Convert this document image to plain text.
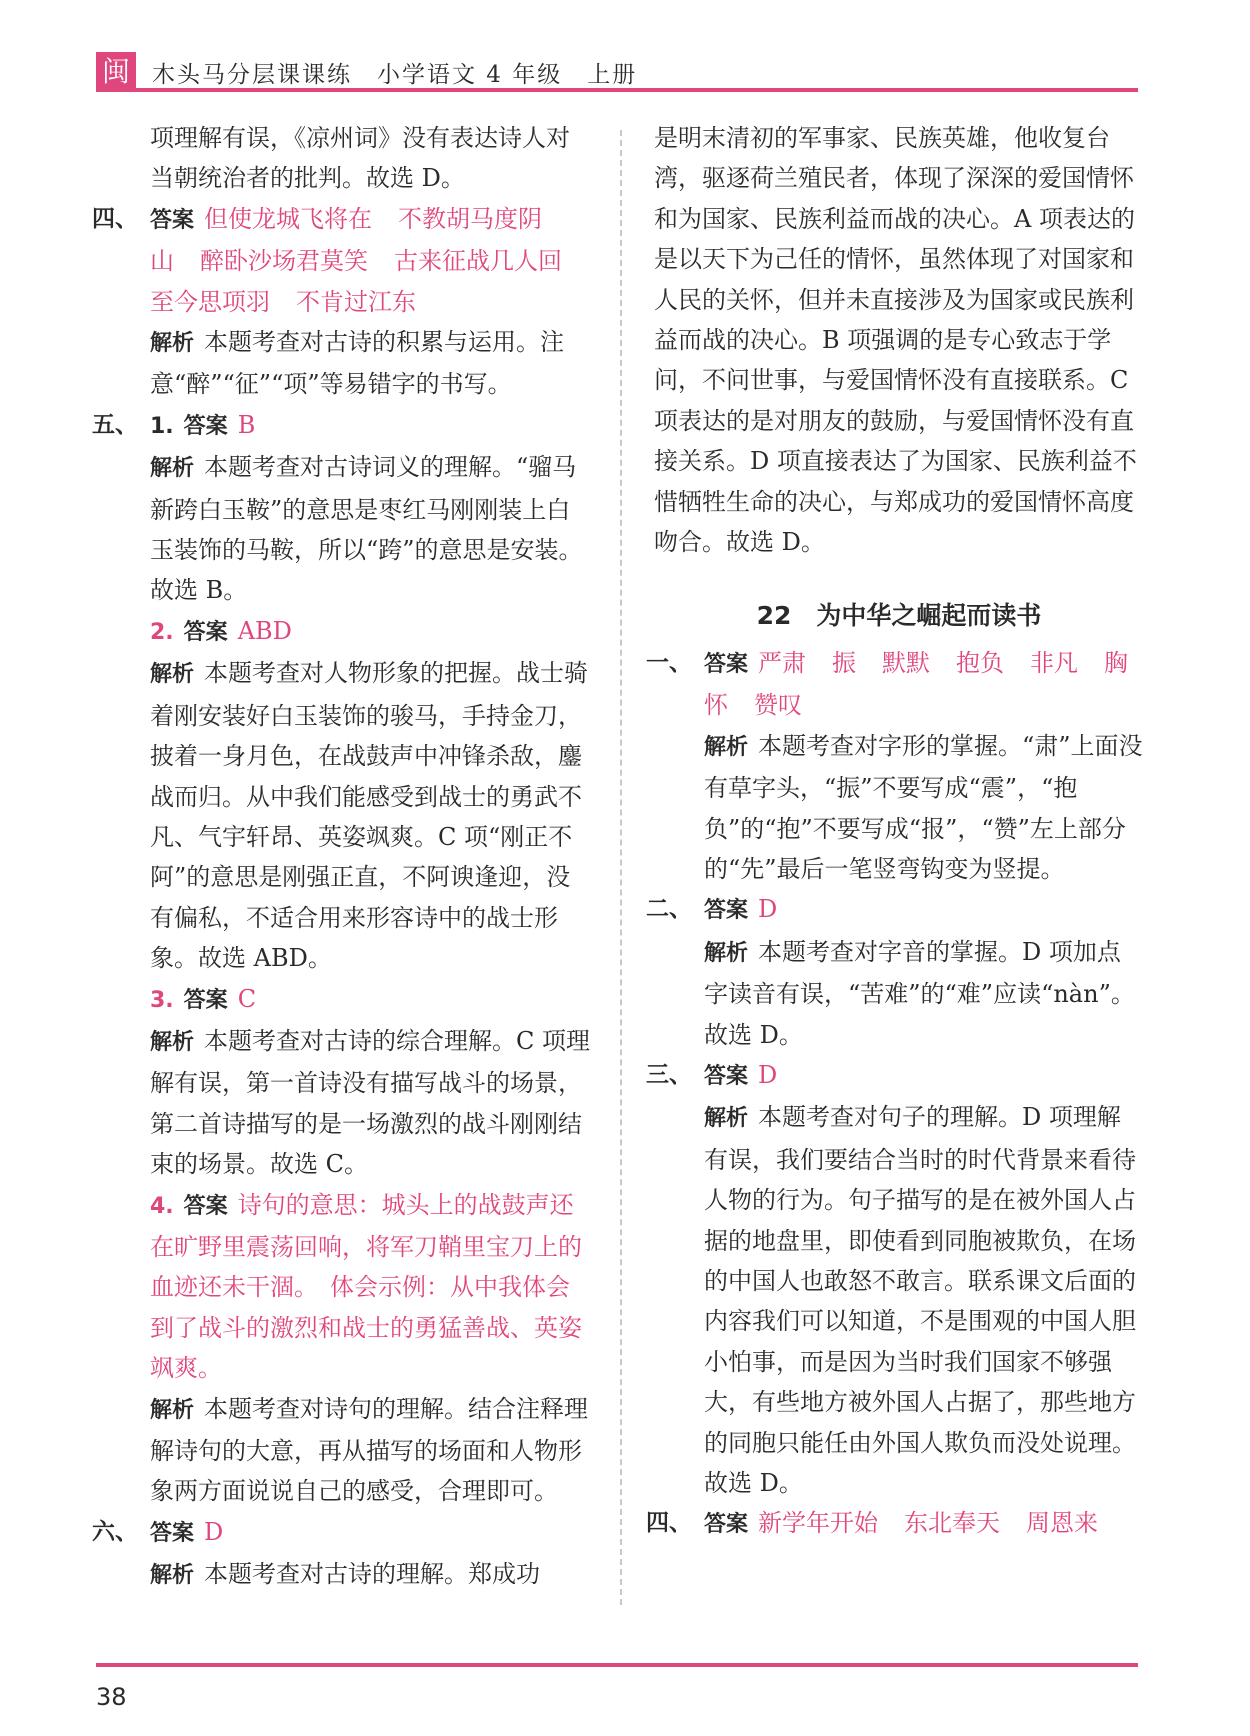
闽 木头马分层课课练　小学语文 4 年级　上册

项理解有误，《凉州词》没有表达诗人对当朝统治者的批判。故选 D。

四、 答案 但使龙城飞将在 不教胡马度阴山 醉卧沙场君莫笑 古来征战几人回至今思项羽 不肯过江东

解析 本题考查对古诗的积累与运用。注意“醉”“征”“项”等易错字的书写。

五、 1. 答案 B

解析 本题考查对古诗词义的理解。“骝马新跨白玉鞍”的意思是枣红马刚刚装上白玉装饰的马鞍，所以“跨”的意思是安装。故选 B。

2. 答案 ABD

解析 本题考查对人物形象的把握。战士骑着刚安装好白玉装饰的骏马，手持金刀，披着一身月色，在战鼓声中冲锋杀敌，鏖战而归。从中我们能感受到战士的勇武不凡、气宇轩昂、英姿飒爽。C 项“刚正不阿”的意思是刚强正直，不阿谀逢迎，没有偏私，不适合用来形容诗中的战士形象。故选 ABD。

3. 答案 C

解析 本题考查对古诗的综合理解。C 项理解有误，第一首诗没有描写战斗的场景，第二首诗描写的是一场激烈的战斗刚刚结束的场景。故选 C。

4. 答案 诗句的意思：城头上的战鼓声还在旷野里震荡回响，将军刀鞘里宝刀上的血迹还未干涸。　体会示例：从中我体会到了战斗的激烈和战士的勇猛善战、英姿飒爽。

解析 本题考查对诗句的理解。结合注释理解诗句的大意，再从描写的场面和人物形象两方面说说自己的感受，合理即可。

六、 答案 D

解析 本题考查对古诗的理解。郑成功

是明末清初的军事家、民族英雄，他收复台湾，驱逐荷兰殖民者，体现了深深的爱国情怀和为国家、民族利益而战的决心。A 项表达的是以天下为己任的情怀，虽然体现了对国家和人民的关怀，但并未直接涉及为国家或民族利益而战的决心。B 项强调的是专心致志于学问，不问世事，与爱国情怀没有直接联系。C 项表达的是对朋友的鼓励，与爱国情怀没有直接关系。D 项直接表达了为国家、民族利益不惜牺牲生命的决心，与郑成功的爱国情怀高度吻合。故选 D。

22　为中华之崛起而读书
一、 答案 严肃 振 默默 抱负 非凡 胸怀 赞叹

解析 本题考查对字形的掌握。“肃”上面没有草字头，“振”不要写成“震”，“抱负”的“抱”不要写成“报”，“赞”左上部分的“先”最后一笔竖弯钩变为竖提。

二、 答案 D

解析 本题考查对字音的掌握。D 项加点字读音有误，“苦难”的“难”应读“nàn”。故选 D。

三、 答案 D

解析 本题考查对句子的理解。D 项理解有误，我们要结合当时的时代背景来看待人物的行为。句子描写的是在被外国人占据的地盘里，即使看到同胞被欺负，在场的中国人也敢怒不敢言。联系课文后面的内容我们可以知道，不是围观的中国人胆小怕事，而是因为当时我们国家不够强大，有些地方被外国人占据了，那些地方的同胞只能任由外国人欺负而没处说理。故选 D。

四、 答案 新学年开始 东北奉天 周恩来
38
